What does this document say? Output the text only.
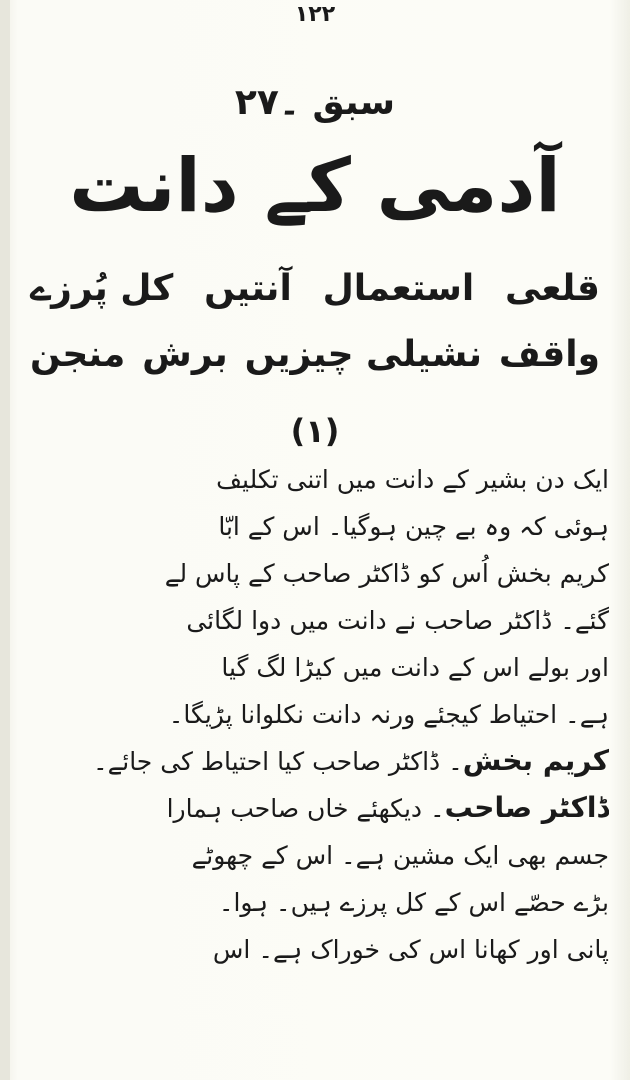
۱۲۲
سبق ۔۲۷
آدمی کے دانت
کل پُرزے آنتیں استعمال قلعی
منجن برش نشیلی چیزیں واقف
(۱)
ایک دن بشیر کے دانت میں اتنی تکلیف
ہوئی کہ وہ بے چین ہوگیا۔ اس کے ابّا
کریم بخش اُس کو ڈاکٹر صاحب کے پاس لے
گئے۔ ڈاکٹر صاحب نے دانت میں دوا لگائی
اور بولے اس کے دانت میں کیڑا لگ گیا
ہے۔ احتیاط کیجئے ورنہ دانت نکلوانا پڑیگا۔
کریم بخش۔ ڈاکٹر صاحب کیا احتیاط کی جائے۔
ڈاکٹر صاحب۔ دیکھئے خاں صاحب ہمارا
جسم بھی ایک مشین ہے۔ اس کے چھوٹے
بڑے حصّے اس کے کل پرزے ہیں۔ ہوا۔
پانی اور کھانا اس کی خوراک ہے۔ اس
